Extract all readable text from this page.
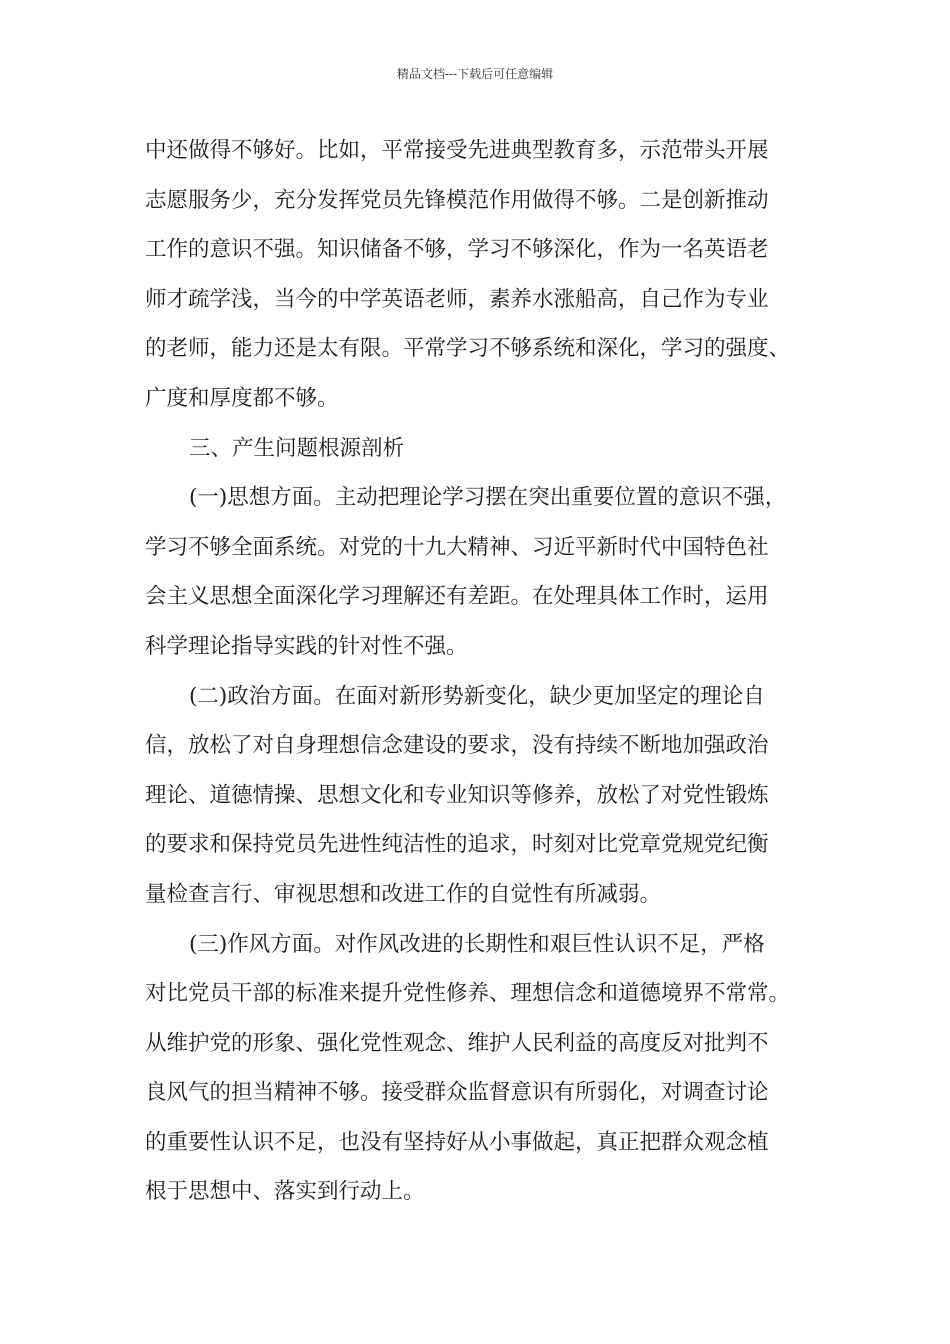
精品文档---下载后可任意编辑
中还做得不够好。比如，平常接受先进典型教育多，示范带头开展
志愿服务少，充分发挥党员先锋模范作用做得不够。二是创新推动
工作的意识不强。知识储备不够，学习不够深化，作为一名英语老
师才疏学浅，当今的中学英语老师，素养水涨船高，自己作为专业
的老师，能力还是太有限。平常学习不够系统和深化，学习的强度、
广度和厚度都不够。
三、产生问题根源剖析
(一)思想方面。主动把理论学习摆在突出重要位置的意识不强，
学习不够全面系统。对党的十九大精神、习近平新时代中国特色社
会主义思想全面深化学习理解还有差距。在处理具体工作时，运用
科学理论指导实践的针对性不强。
(二)政治方面。在面对新形势新变化，缺少更加坚定的理论自
信，放松了对自身理想信念建设的要求，没有持续不断地加强政治
理论、道德情操、思想文化和专业知识等修养，放松了对党性锻炼
的要求和保持党员先进性纯洁性的追求，时刻对比党章党规党纪衡
量检查言行、审视思想和改进工作的自觉性有所减弱。
(三)作风方面。对作风改进的长期性和艰巨性认识不足，严格
对比党员干部的标准来提升党性修养、理想信念和道德境界不常常。
从维护党的形象、强化党性观念、维护人民利益的高度反对批判不
良风气的担当精神不够。接受群众监督意识有所弱化，对调查讨论
的重要性认识不足，也没有坚持好从小事做起，真正把群众观念植
根于思想中、落实到行动上。
